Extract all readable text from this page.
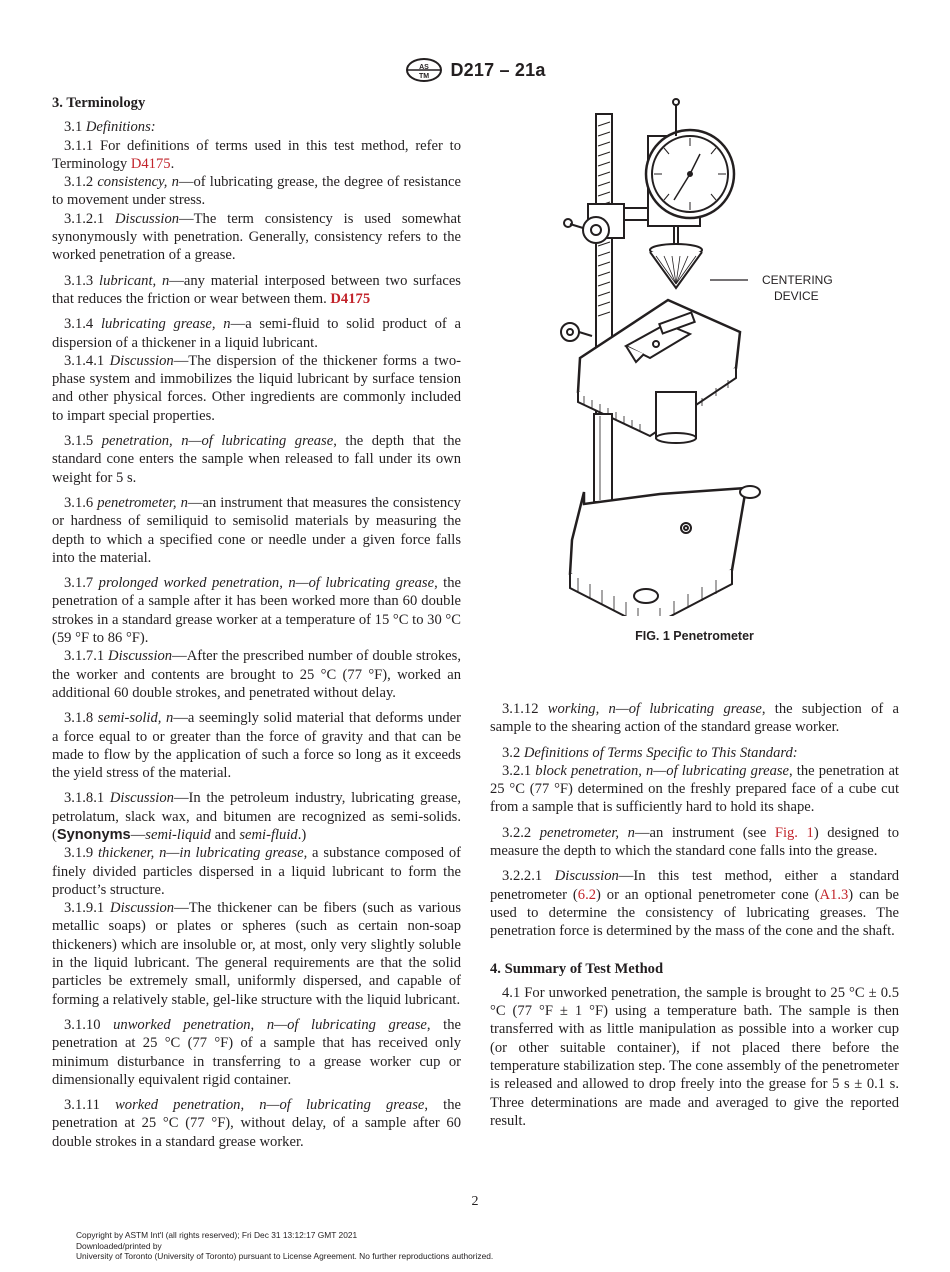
AS
TM D217 – 21a
3. Terminology

3.1 Definitions:

3.1.1 For definitions of terms used in this test method, refer to Terminology D4175.

3.1.2 consistency, n—of lubricating grease, the degree of resistance to movement under stress.

3.1.2.1 Discussion—The term consistency is used somewhat synonymously with penetration. Generally, consistency refers to the worked penetration of a grease.

3.1.3 lubricant, n—any material interposed between two surfaces that reduces the friction or wear between them. D4175

3.1.4 lubricating grease, n—a semi-fluid to solid product of a dispersion of a thickener in a liquid lubricant.

3.1.4.1 Discussion—The dispersion of the thickener forms a two-phase system and immobilizes the liquid lubricant by surface tension and other physical forces. Other ingredients are commonly included to impart special properties.

3.1.5 penetration, n—of lubricating grease, the depth that the standard cone enters the sample when released to fall under its own weight for 5 s.

3.1.6 penetrometer, n—an instrument that measures the consistency or hardness of semiliquid to semisolid materials by measuring the depth to which a specified cone or needle under a given force falls into the material.

3.1.7 prolonged worked penetration, n—of lubricating grease, the penetration of a sample after it has been worked more than 60 double strokes in a standard grease worker at a temperature of 15 °C to 30 °C (59 °F to 86 °F).

3.1.7.1 Discussion—After the prescribed number of double strokes, the worker and contents are brought to 25 °C (77 °F), worked an additional 60 double strokes, and penetrated without delay.

3.1.8 semi-solid, n—a seemingly solid material that deforms under a force equal to or greater than the force of gravity and that can be made to flow by the application of such a force so long as it exceeds the yield stress of the material.

3.1.8.1 Discussion—In the petroleum industry, lubricating grease, petrolatum, slack wax, and bitumen are recognized as semi-solids. (Synonyms—semi-liquid and semi-fluid.)

3.1.9 thickener, n—in lubricating grease, a substance composed of finely divided particles dispersed in a liquid lubricant to form the product’s structure.

3.1.9.1 Discussion—The thickener can be fibers (such as various metallic soaps) or plates or spheres (such as certain non-soap thickeners) which are insoluble or, at most, only very slightly soluble in the liquid lubricant. The general requirements are that the solid particles be extremely small, uniformly dispersed, and capable of forming a relatively stable, gel-like structure with the liquid lubricant.

3.1.10 unworked penetration, n—of lubricating grease, the penetration at 25 °C (77 °F) of a sample that has received only minimum disturbance in transferring to a grease worker cup or dimensionally equivalent rigid container.

3.1.11 worked penetration, n—of lubricating grease, the penetration at 25 °C (77 °F), without delay, of a sample after 60 double strokes in a standard grease worker.

CENTERING
DEVICE
FIG. 1 Penetrometer

3.1.12 working, n—of lubricating grease, the subjection of a sample to the shearing action of the standard grease worker.

3.2 Definitions of Terms Specific to This Standard:

3.2.1 block penetration, n—of lubricating grease, the penetration at 25 °C (77 °F) determined on the freshly prepared face of a cube cut from a sample that is sufficiently hard to hold its shape.

3.2.2 penetrometer, n—an instrument (see Fig. 1) designed to measure the depth to which the standard cone falls into the grease.

3.2.2.1 Discussion—In this test method, either a standard penetrometer (6.2) or an optional penetrometer cone (A1.3) can be used to determine the consistency of lubricating greases. The penetration force is determined by the mass of the cone and the shaft.

4. Summary of Test Method

4.1 For unworked penetration, the sample is brought to 25 °C ± 0.5 °C (77 °F ± 1 °F) using a temperature bath. The sample is then transferred with as little manipulation as possible into a worker cup (or other suitable container), if not placed there before the temperature stabilization step. The cone assembly of the penetrometer is released and allowed to drop freely into the grease for 5 s ± 0.1 s. Three determinations are made and averaged to give the reported result.

2
Copyright by ASTM Int'l (all rights reserved); Fri Dec 31 13:12:17 GMT 2021
Downloaded/printed by
University of Toronto (University of Toronto) pursuant to License Agreement. No further reproductions authorized.
